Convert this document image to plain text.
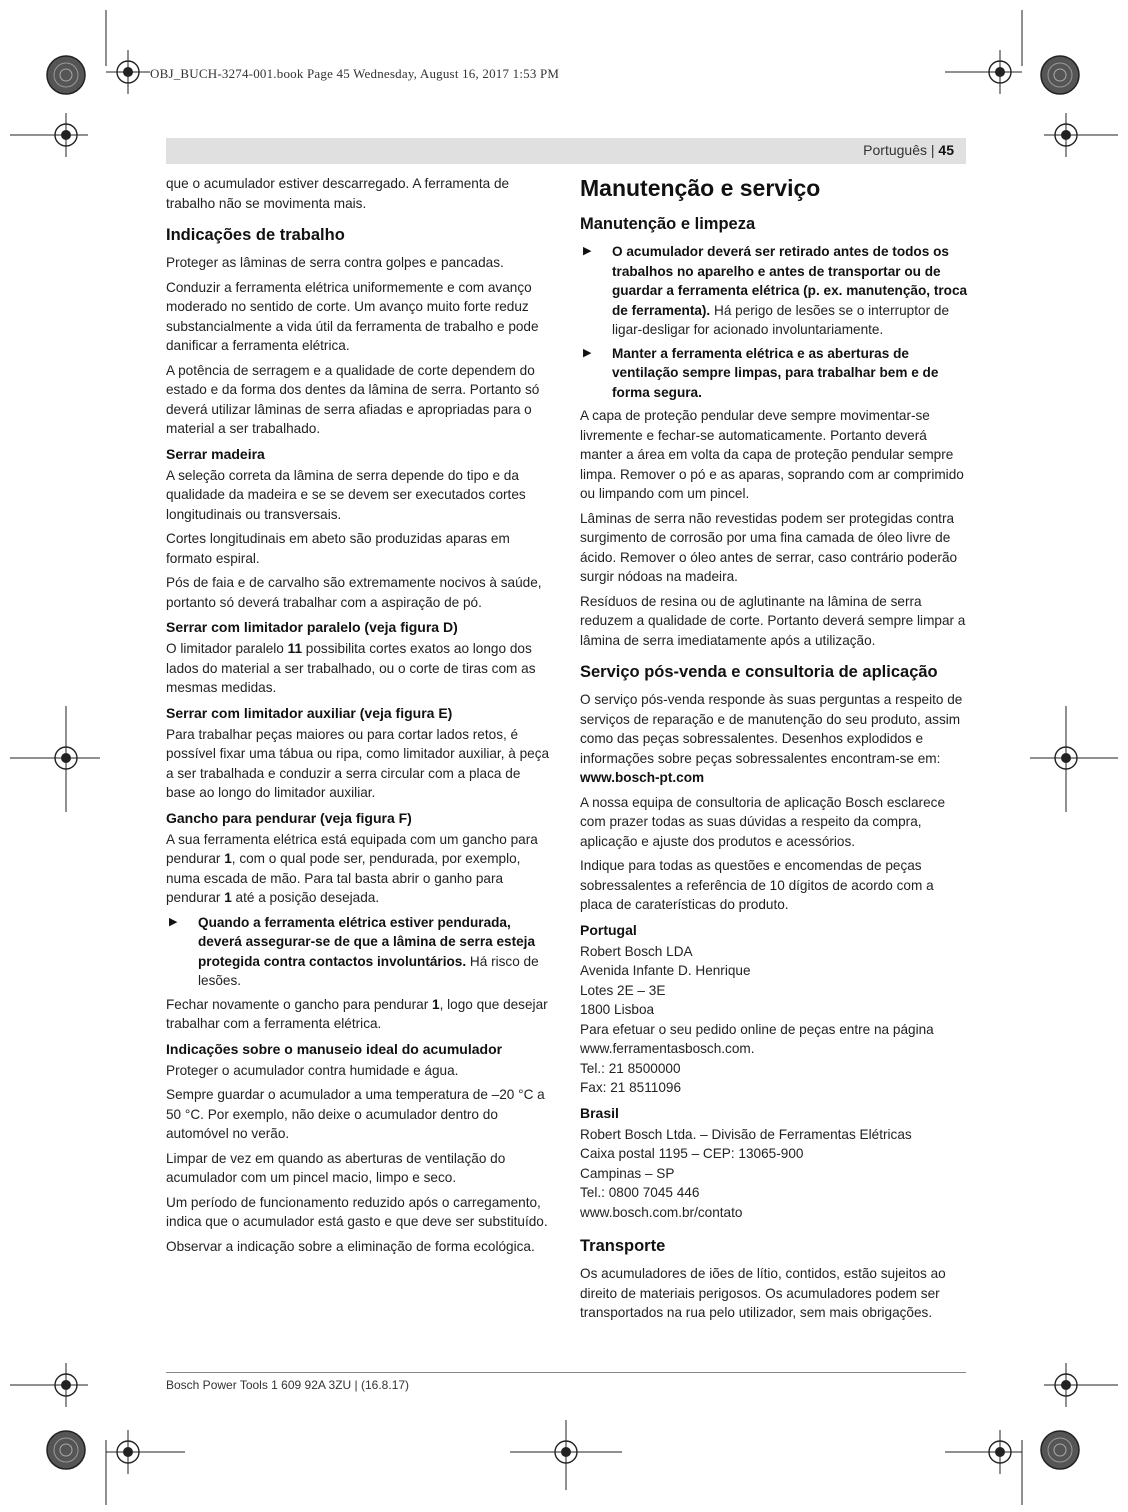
OBJ_BUCH-3274-001.book Page 45 Wednesday, August 16, 2017 1:53 PM
Português | 45

que o acumulador estiver descarregado. A ferramenta de trabalho não se movimenta mais.

Indicações de trabalho

Proteger as lâminas de serra contra golpes e pancadas.

Conduzir a ferramenta elétrica uniformemente e com avanço moderado no sentido de corte. Um avanço muito forte reduz substancialmente a vida útil da ferramenta de trabalho e pode danificar a ferramenta elétrica.

A potência de serragem e a qualidade de corte dependem do estado e da forma dos dentes da lâmina de serra. Portanto só deverá utilizar lâminas de serra afiadas e apropriadas para o material a ser trabalhado.

Serrar madeira

A seleção correta da lâmina de serra depende do tipo e da qualidade da madeira e se se devem ser executados cortes longitudinais ou transversais.

Cortes longitudinais em abeto são produzidas aparas em formato espiral.

Pós de faia e de carvalho são extremamente nocivos à saúde, portanto só deverá trabalhar com a aspiração de pó.

Serrar com limitador paralelo (veja figura D)

O limitador paralelo 11 possibilita cortes exatos ao longo dos lados do material a ser trabalhado, ou o corte de tiras com as mesmas medidas.

Serrar com limitador auxiliar (veja figura E)

Para trabalhar peças maiores ou para cortar lados retos, é possível fixar uma tábua ou ripa, como limitador auxiliar, à peça a ser trabalhada e conduzir a serra circular com a placa de base ao longo do limitador auxiliar.

Gancho para pendurar (veja figura F)

A sua ferramenta elétrica está equipada com um gancho para pendurar 1, com o qual pode ser, pendurada, por exemplo, numa escada de mão. Para tal basta abrir o ganho para pendurar 1 até a posição desejada.

▶ Quando a ferramenta elétrica estiver pendurada, deverá assegurar-se de que a lâmina de serra esteja protegida contra contactos involuntários. Há risco de lesões.

Fechar novamente o gancho para pendurar 1, logo que desejar trabalhar com a ferramenta elétrica.

Indicações sobre o manuseio ideal do acumulador

Proteger o acumulador contra humidade e água.

Sempre guardar o acumulador a uma temperatura de –20 °C a 50 °C. Por exemplo, não deixe o acumulador dentro do automóvel no verão.

Limpar de vez em quando as aberturas de ventilação do acumulador com um pincel macio, limpo e seco.

Um período de funcionamento reduzido após o carregamento, indica que o acumulador está gasto e que deve ser substituído.

Observar a indicação sobre a eliminação de forma ecológica.

Manutenção e serviço
Manutenção e limpeza
▶ O acumulador deverá ser retirado antes de todos os trabalhos no aparelho e antes de transportar ou de guardar a ferramenta elétrica (p. ex. manutenção, troca de ferramenta). Há perigo de lesões se o interruptor de ligar-desligar for acionado involuntariamente.
▶ Manter a ferramenta elétrica e as aberturas de ventilação sempre limpas, para trabalhar bem e de forma segura.

A capa de proteção pendular deve sempre movimentar-se livremente e fechar-se automaticamente. Portanto deverá manter a área em volta da capa de proteção pendular sempre limpa. Remover o pó e as aparas, soprando com ar comprimido ou limpando com um pincel.

Lâminas de serra não revestidas podem ser protegidas contra surgimento de corrosão por uma fina camada de óleo livre de ácido. Remover o óleo antes de serrar, caso contrário poderão surgir nódoas na madeira.

Resíduos de resina ou de aglutinante na lâmina de serra reduzem a qualidade de corte. Portanto deverá sempre limpar a lâmina de serra imediatamente após a utilização.

Serviço pós-venda e consultoria de aplicação

O serviço pós-venda responde às suas perguntas a respeito de serviços de reparação e de manutenção do seu produto, assim como das peças sobressalentes. Desenhos explodidos e informações sobre peças sobressalentes encontram-se em:

www.bosch-pt.com

A nossa equipa de consultoria de aplicação Bosch esclarece com prazer todas as suas dúvidas a respeito da compra, aplicação e ajuste dos produtos e acessórios.

Indique para todas as questões e encomendas de peças sobressalentes a referência de 10 dígitos de acordo com a placa de caraterísticas do produto.

Portugal

Robert Bosch LDA

Avenida Infante D. Henrique

Lotes 2E – 3E

1800 Lisboa

Para efetuar o seu pedido online de peças entre na página

www.ferramentasbosch.com.

Tel.: 21 8500000

Fax: 21 8511096

Brasil

Robert Bosch Ltda. – Divisão de Ferramentas Elétricas

Caixa postal 1195 – CEP: 13065-900

Campinas – SP

Tel.: 0800 7045 446

www.bosch.com.br/contato

Transporte

Os acumuladores de iões de lítio, contidos, estão sujeitos ao direito de materiais perigosos. Os acumuladores podem ser transportados na rua pelo utilizador, sem mais obrigações.

Bosch Power Tools 1 609 92A 3ZU | (16.8.17)
